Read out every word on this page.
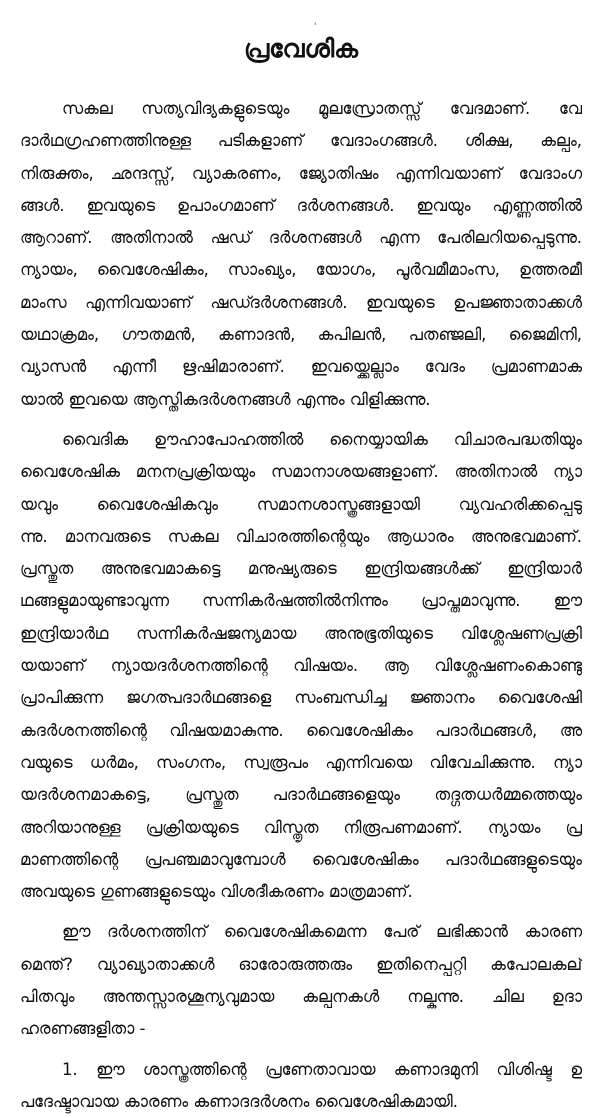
'
പ്രവേശിക
സകല സത്യവിദ്യകളുടെയും മൂലസ്രോതസ്സ് വേദമാണ്. വേ
ദാർഥഗ്രഹണത്തിനുള്ള പടികളാണ് വേദാംഗങ്ങൾ. ശിക്ഷ, കല്പം,
നിരുക്തം, ഛന്ദസ്സ്, വ്യാകരണം, ജ്യോതിഷം എന്നിവയാണ് വേദാംഗ
ങ്ങൾ. ഇവയുടെ ഉപാംഗമാണ് ദർശനങ്ങൾ. ഇവയും എണ്ണത്തിൽ
ആറാണ്. അതിനാൽ ഷഡ് ദർശനങ്ങൾ എന്ന പേരിലറിയപ്പെടുന്നു.
ന്യായം, വൈശേഷികം, സാംഖ്യം, യോഗം, പൂർവമീമാംസ, ഉത്തരമീ
മാംസ എന്നിവയാണ് ഷഡ്ദർശനങ്ങൾ. ഇവയുടെ ഉപജ്ഞാതാക്കൾ
യഥാക്രമം, ഗൗതമൻ, കണാദൻ, കപിലൻ, പതഞ്ജലി, ജൈമിനി,
വ്യാസൻ എന്നീ ഋഷിമാരാണ്. ഇവയ്ക്കെല്ലാം വേദം പ്രമാണമാക
യാൽ ഇവയെ ആസ്തികദർശനങ്ങൾ എന്നും വിളിക്കുന്നു.
വൈദിക ഊഹാപോഹത്തിൽ നൈയ്യായിക വിചാരപദ്ധതിയും
വൈശേഷിക മനനപ്രക്രിയയും സമാനാശയങ്ങളാണ്. അതിനാൽ ന്യാ
യവും വൈശേഷികവും സമാനശാസ്ത്രങ്ങളായി വ്യവഹരിക്കപ്പെടു
ന്നു. മാനവരുടെ സകല വിചാരത്തിന്റെയും ആധാരം അനുഭവമാണ്.
പ്രസ്തുത അനുഭവമാകട്ടെ മനുഷ്യരുടെ ഇന്ദ്രിയങ്ങൾക്ക് ഇന്ദ്രിയാർ
ഥങ്ങളുമായുണ്ടാവുന്ന സന്നികർഷത്തിൽനിന്നും പ്രാപ്തമാവുന്നു. ഈ
ഇന്ദ്രിയാർഥ സന്നികർഷജന്യമായ അനുഭൂതിയുടെ വിശ്ലേഷണപ്രക്രി
യയാണ് ന്യായദർശനത്തിന്റെ വിഷയം. ആ വിശ്ലേഷണംകൊണ്ടു
പ്രാപിക്കുന്ന ജഗത്പദാർഥങ്ങളെ സംബന്ധിച്ച ജ്ഞാനം വൈശേഷി
കദർശനത്തിന്റെ വിഷയമാകുന്നു. വൈശേഷികം പദാർഥങ്ങൾ, അ
വയുടെ ധർമം, സംഗനം, സ്വരൂപം എന്നിവയെ വിവേചിക്കുന്നു. ന്യാ
യദർശനമാകട്ടെ, പ്രസ്തുത പദാർഥങ്ങളെയും തദ്ഗതധർമ്മത്തെയും
അറിയാനുള്ള പ്രക്രിയയുടെ വിസ്തൃത നിരൂപണമാണ്. ന്യായം പ്ര
മാണത്തിന്റെ പ്രപഞ്ചമാവുമ്പോൾ വൈശേഷികം പദാർഥങ്ങളുടെയും
അവയുടെ ഗുണങ്ങളുടെയും വിശദീകരണം മാത്രമാണ്.
ഈ ദർശനത്തിന് വൈശേഷികമെന്ന പേര് ലഭിക്കാൻ കാരണ
മെന്ത്? വ്യാഖ്യാതാക്കൾ ഓരോരുത്തരും ഇതിനെപ്പറ്റി കപോലകല്
പിതവും അന്തസ്സാരശൂന്യവുമായ കല്പനകൾ നല്കുന്നു. ചില ഉദാ
ഹരണങ്ങളിതാ -
1. ഈ ശാസ്ത്രത്തിന്റെ പ്രണേതാവായ കണാദമുനി വിശിഷ്ട ഉ
പദേഷ്ടാവായ കാരണം കണാദദർശനം വൈശേഷികമായി.
